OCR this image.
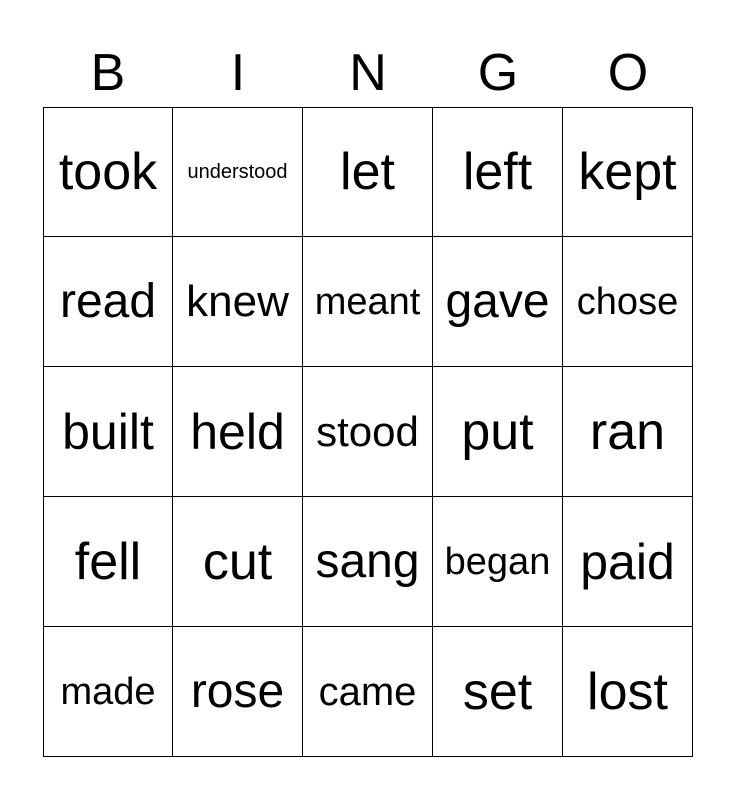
B	I	N	G	O
took	understood	let	left kept
read knew meant gave chose
built held stood put	ran
fell	cut sang began paid
made rose came set	lost
